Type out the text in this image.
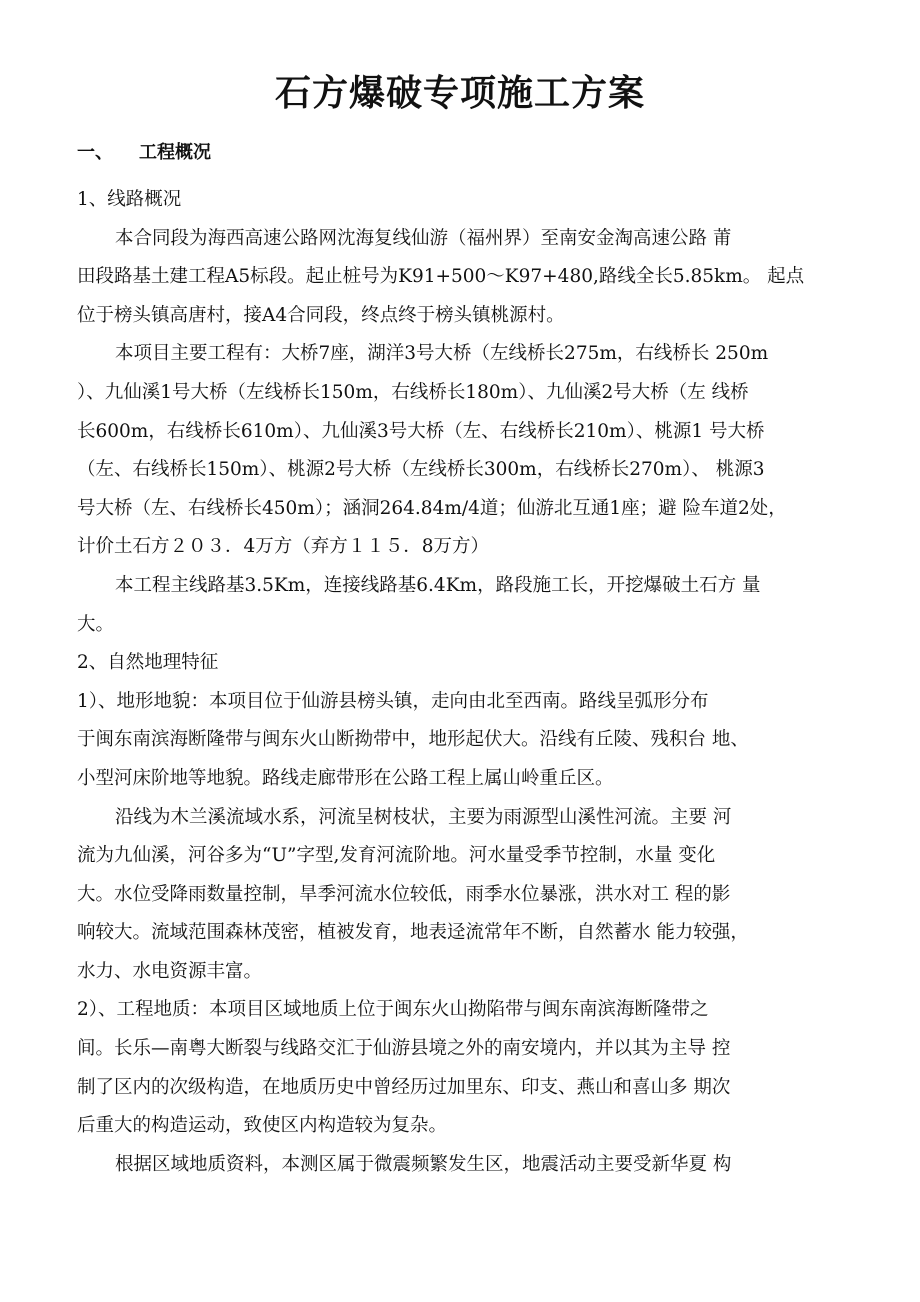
石方爆破专项施工方案
一、 工程概况
1、线路概况
本合同段为海西高速公路网沈海复线仙游（福州界）至南安金淘高速公路 莆
田段路基土建工程A5标段。起止桩号为K91+500〜K97+480,路线全长5.85km。 起点
位于榜头镇高唐村，接A4合同段，终点终于榜头镇桃源村。
本项目主要工程有：大桥7座，湖洋3号大桥（左线桥长275m，右线桥长 250m
）、九仙溪1号大桥（左线桥长150m，右线桥长180m）、九仙溪2号大桥（左 线桥
长600m，右线桥长610m）、九仙溪3号大桥（左、右线桥长210m）、桃源1 号大桥
（左、右线桥长150m）、桃源2号大桥（左线桥长300m，右线桥长270m）、 桃源3
号大桥（左、右线桥长450m）；涵洞264.84m/4道；仙游北互通1座；避 险车道2处，
计价土石方２０３．4万方（弃方１１５．8万方）
本工程主线路基3.5Km，连接线路基6.4Km，路段施工长，开挖爆破土石方 量
大。
2、自然地理特征
1）、地形地貌：本项目位于仙游县榜头镇，走向由北至西南。路线呈弧形分布
于闽东南滨海断隆带与闽东火山断拗带中，地形起伏大。沿线有丘陵、残积台 地、
小型河床阶地等地貌。路线走廊带形在公路工程上属山岭重丘区。
沿线为木兰溪流域水系，河流呈树枝状，主要为雨源型山溪性河流。主要 河
流为九仙溪，河谷多为“U”字型,发育河流阶地。河水量受季节控制，水量 变化
大。水位受降雨数量控制，旱季河流水位较低，雨季水位暴涨，洪水对工 程的影
响较大。流域范围森林茂密，植被发育，地表迳流常年不断，自然蓄水 能力较强，
水力、水电资源丰富。
2）、工程地质：本项目区域地质上位于闽东火山拗陷带与闽东南滨海断隆带之
间。长乐—南粤大断裂与线路交汇于仙游县境之外的南安境内，并以其为主导 控
制了区内的次级构造，在地质历史中曾经历过加里东、印支、燕山和喜山多 期次
后重大的构造运动，致使区内构造较为复杂。
根据区域地质资料，本测区属于微震频繁发生区，地震活动主要受新华夏 构
